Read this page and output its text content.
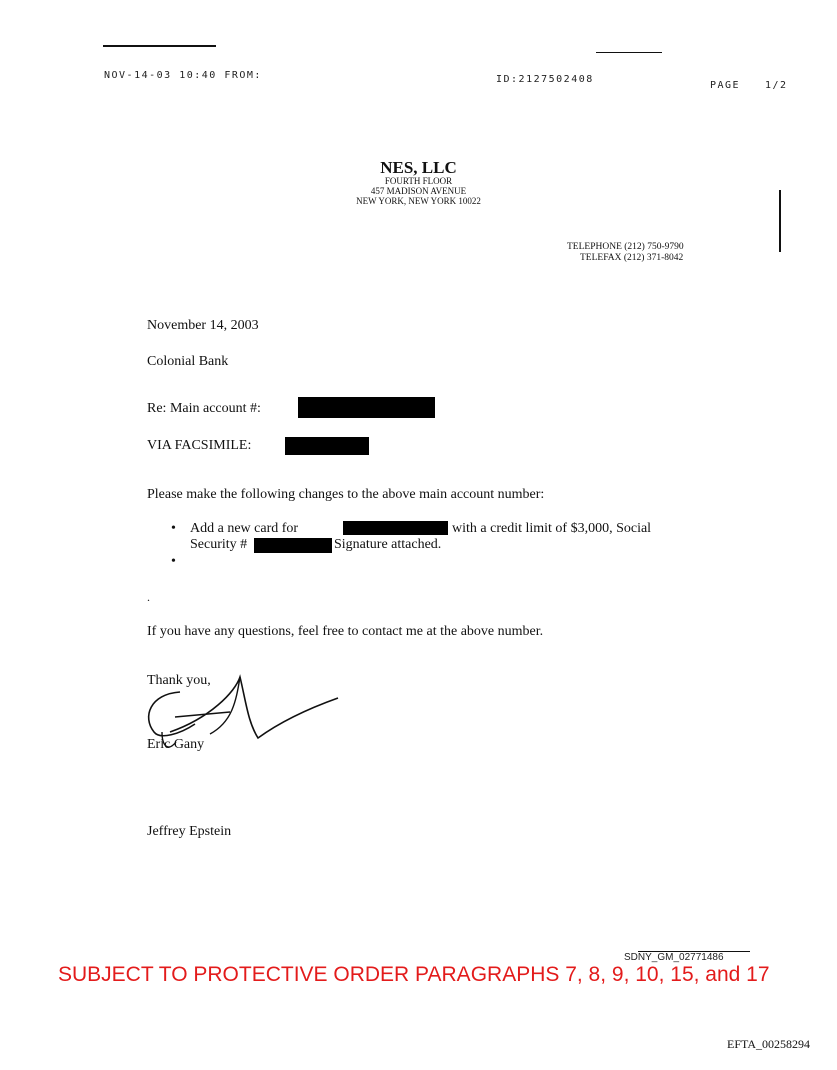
NOV-14-03 10:40 FROM:	ID:2127502408
PAGE 1/2
NES, LLC
FOURTH FLOOR
457 MADISON AVENUE
NEW YORK, NEW YORK 10022
TELEPHONE (212) 750-9790
TELEFAX (212) 371-8042
November 14, 2003
Colonial Bank
Re: Main account #:
VIA FACSIMILE:
Please make the following changes to the above main account number:
• Add a new card for	with a credit limit of $3,000, Social
Security #	Signature attached.
•
.
If you have any questions, feel free to contact me at the above number.
Thank you,
Eric Gany
Jeffrey Epstein
SDNY_GM_02771486
SUBJECT TO PROTECTIVE ORDER PARAGRAPHS 7, 8, 9, 10, 15, and 17
EFTA_00258294
